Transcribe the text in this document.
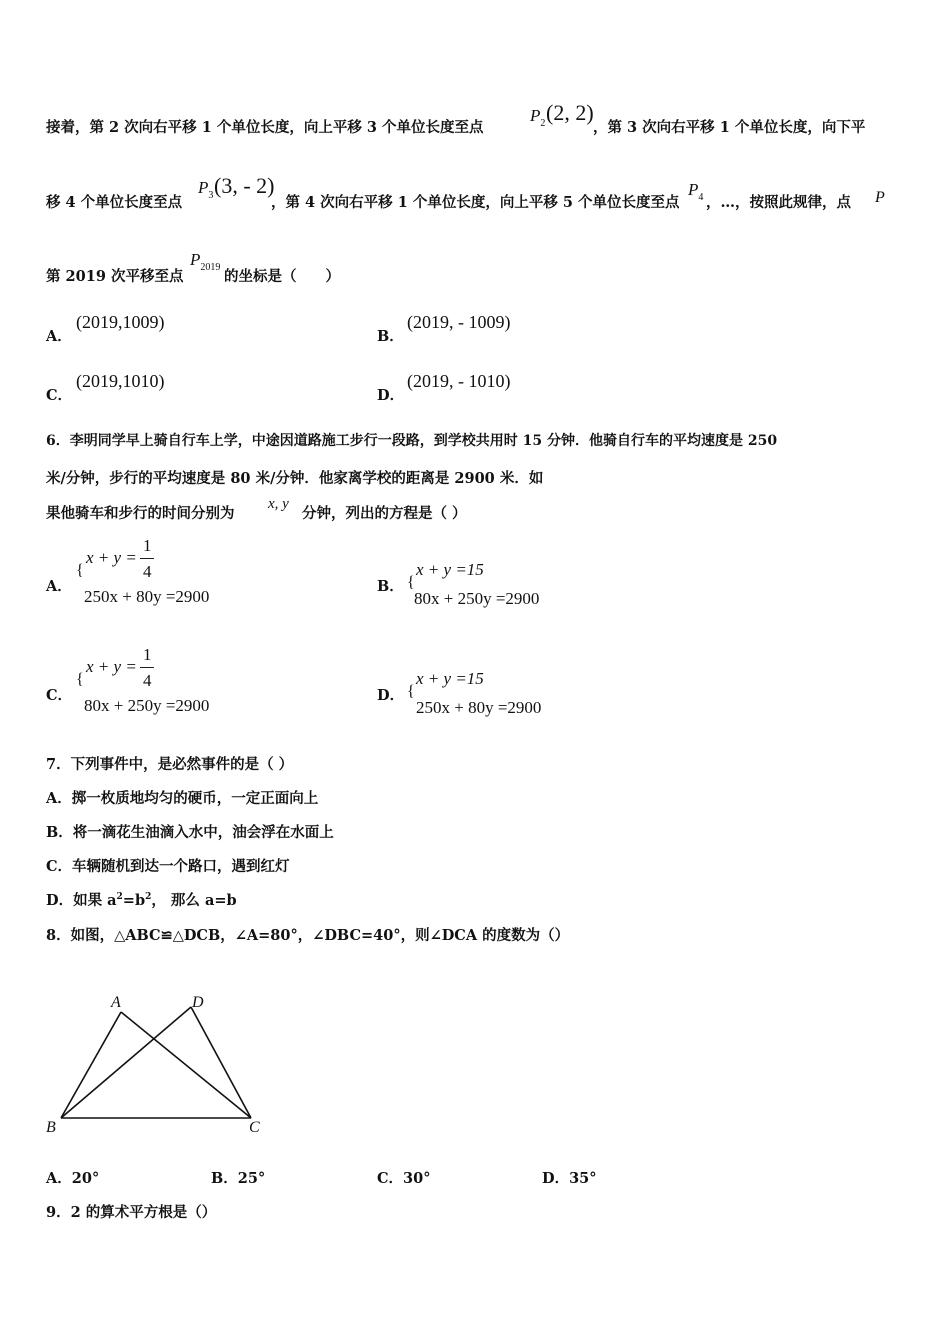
接着，第 2 次向右平移 1 个单位长度，向上平移 3 个单位长度至点
$P_2$ (2, 2)
，第 3 次向右平移 1 个单位长度，向下平
移 4 个单位长度至点
$P_3$ (3, - 2)
，第 4 次向右平移 1 个单位长度，向上平移 5 个单位长度至点
$P_4$ ，…，按照此规律，点 P
第 2019 次平移至点
$P_{2019}$
的坐标是（　　）
A．
(2019,1009)
B．
(2019, - 1009)
C．
(2019,1010)
D．
(2019, - 1010)
6．李明同学早上骑自行车上学，中途因道路施工步行一段路，到学校共用时 15 分钟．他骑自行车的平均速度是 250
米/分钟，步行的平均速度是 80 米/分钟．他家离学校的距离是 2900 米．如
果他骑车和步行的时间分别为
x, y
分钟，列出的方程是（ ）
A．
{
x + y =
1
4
250x + 80y =2900
B． {
x + y =15
80x + 250y =2900
C．
{
x + y =
1
4
80x + 250y =2900
D． {
x + y =15
250x + 80y =2900
7．下列事件中，是必然事件的是（ ）
A．掷一枚质地均匀的硬币，一定正面向上
B．将一滴花生油滴入水中，油会浮在水面上
C．车辆随机到达一个路口，遇到红灯
D．如果 $a^2=b^2$， 那么 a=b
8．如图，△ABC≌△DCB，∠A=80°，∠DBC=40°，则∠DCA 的度数为（）
A	D
B	C
A．20°	B．25°	C．30°	D．35°
9．2 的算术平方根是（）
